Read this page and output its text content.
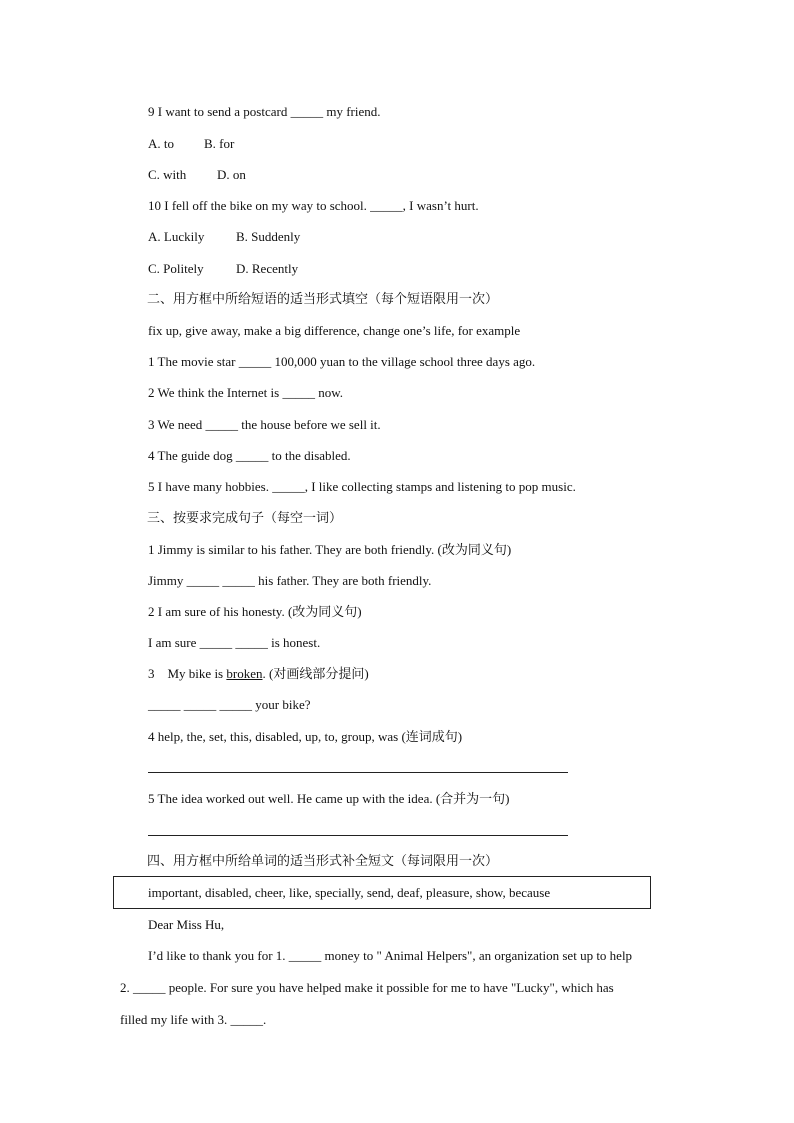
9 I want to send a postcard _____ my friend.
A. to B. for
C. with D. on
10 I fell off the bike on my way to school. _____, I wasn’t hurt.
A. Luckily B. Suddenly
C. Politely D. Recently
二、用方框中所给短语的适当形式填空（每个短语限用一次）
fix up, give away, make a big difference, change one’s life, for example
1 The movie star _____ 100,000 yuan to the village school three days ago.
2 We think the Internet is _____ now.
3 We need _____ the house before we sell it.
4 The guide dog _____ to the disabled.
5 I have many hobbies. _____, I like collecting stamps and listening to pop music.
三、按要求完成句子（每空一词）
1 Jimmy is similar to his father. They are both friendly. (改为同义句)
Jimmy _____ _____ his father. They are both friendly.
2 I am sure of his honesty. (改为同义句)
I am sure _____ _____ is honest.
3    My bike is broken. (对画线部分提问)
_____ _____ _____ your bike?
4 help, the, set, this, disabled, up, to, group, was (连词成句)
5 The idea worked out well. He came up with the idea. (合并为一句)
四、用方框中所给单词的适当形式补全短文（每词限用一次）
important, disabled, cheer, like, specially, send, deaf, pleasure, show, because
Dear Miss Hu,
I’d like to thank you for 1. _____ money to " Animal Helpers", an organization set up to help
2. _____ people. For sure you have helped make it possible for me to have "Lucky", which has
filled my life with 3. _____.
